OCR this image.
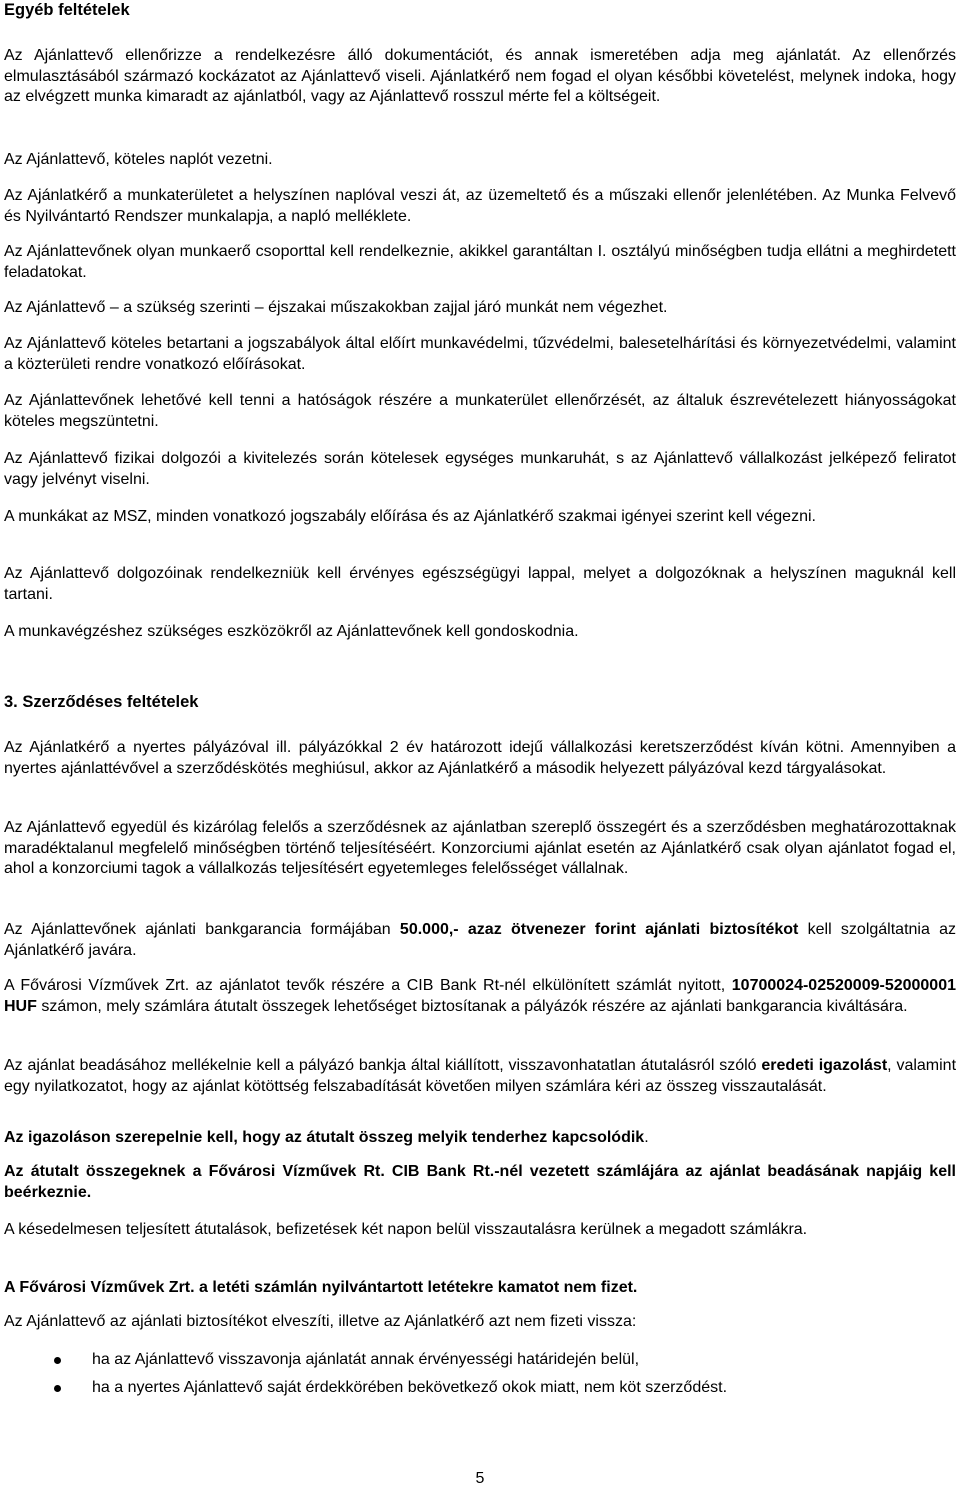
Egyéb feltételek
Az Ajánlattevő ellenőrizze a rendelkezésre álló dokumentációt, és annak ismeretében adja meg ajánlatát. Az ellenőrzés elmulasztásából származó kockázatot az Ajánlattevő viseli. Ajánlatkérő nem fogad el olyan későbbi követelést, melynek indoka, hogy az elvégzett munka kimaradt az ajánlatból, vagy az Ajánlattevő rosszul mérte fel a költségeit.
Az Ajánlattevő, köteles naplót vezetni.
Az Ajánlatkérő a munkaterületet a helyszínen naplóval veszi át, az üzemeltető és a műszaki ellenőr jelenlétében. Az Munka Felvevő és Nyilvántartó Rendszer munkalapja, a napló melléklete.
Az Ajánlattevőnek olyan munkaerő csoporttal kell rendelkeznie, akikkel garantáltan I. osztályú minőségben tudja ellátni a meghirdetett feladatokat.
Az Ajánlattevő – a szükség szerinti – éjszakai műszakokban zajjal járó munkát nem végezhet.
Az Ajánlattevő köteles betartani a jogszabályok által előírt munkavédelmi, tűzvédelmi, balesetelhárítási és környezetvédelmi, valamint a közterületi rendre vonatkozó előírásokat.
Az Ajánlattevőnek lehetővé kell tenni a hatóságok részére a munkaterület ellenőrzését, az általuk észrevételezett hiányosságokat köteles megszüntetni.
Az Ajánlattevő fizikai dolgozói a kivitelezés során kötelesek egységes munkaruhát, s az Ajánlattevő vállalkozást jelképező feliratot vagy jelvényt viselni.
A munkákat az MSZ, minden vonatkozó jogszabály előírása és az Ajánlatkérő szakmai igényei szerint kell végezni.
Az Ajánlattevő dolgozóinak rendelkezniük kell érvényes egészségügyi lappal, melyet a dolgozóknak a helyszínen maguknál kell tartani.
A munkavégzéshez szükséges eszközökről az Ajánlattevőnek kell gondoskodnia.
3. Szerződéses feltételek
Az Ajánlatkérő a nyertes pályázóval ill. pályázókkal 2 év határozott idejű vállalkozási keretszerződést kíván kötni. Amennyiben a nyertes ajánlattévővel a szerződéskötés meghiúsul, akkor az Ajánlatkérő a második helyezett pályázóval kezd tárgyalásokat.
Az Ajánlattevő egyedül és kizárólag felelős a szerződésnek az ajánlatban szereplő összegért és a szerződésben meghatározottaknak maradéktalanul megfelelő minőségben történő teljesítéséért. Konzorciumi ajánlat esetén az Ajánlatkérő csak olyan ajánlatot fogad el, ahol a konzorciumi tagok a vállalkozás teljesítésért egyetemleges felelősséget vállalnak.
Az Ajánlattevőnek ajánlati bankgarancia formájában 50.000,- azaz ötvenezer forint ajánlati biztosítékot kell szolgáltatnia az Ajánlatkérő javára.
A Fővárosi Vízművek Zrt. az ajánlatot tevők részére a CIB Bank Rt-nél elkülönített számlát nyitott, 10700024-02520009-52000001 HUF számon, mely számlára átutalt összegek lehetőséget biztosítanak a pályázók részére az ajánlati bankgarancia kiváltására.
Az ajánlat beadásához mellékelnie kell a pályázó bankja által kiállított, visszavonhatatlan átutalásról szóló eredeti igazolást, valamint egy nyilatkozatot, hogy az ajánlat kötöttség felszabadítását követően milyen számlára kéri az összeg visszautalását.
Az igazoláson szerepelnie kell, hogy az átutalt összeg melyik tenderhez kapcsolódik.
Az átutalt összegeknek a Fővárosi Vízművek Rt. CIB Bank Rt.-nél vezetett számlájára az ajánlat beadásának napjáig kell beérkeznie.
A késedelmesen teljesített átutalások, befizetések két napon belül visszautalásra kerülnek a megadott számlákra.
A Fővárosi Vízművek Zrt. a letéti számlán nyilvántartott letétekre kamatot nem fizet.
Az Ajánlattevő az ajánlati biztosítékot elveszíti, illetve az Ajánlatkérő azt nem fizeti vissza:
ha az Ajánlattevő visszavonja ajánlatát annak érvényességi határidején belül,
ha a nyertes Ajánlattevő saját érdekkörében bekövetkező okok miatt, nem köt szerződést.
5
